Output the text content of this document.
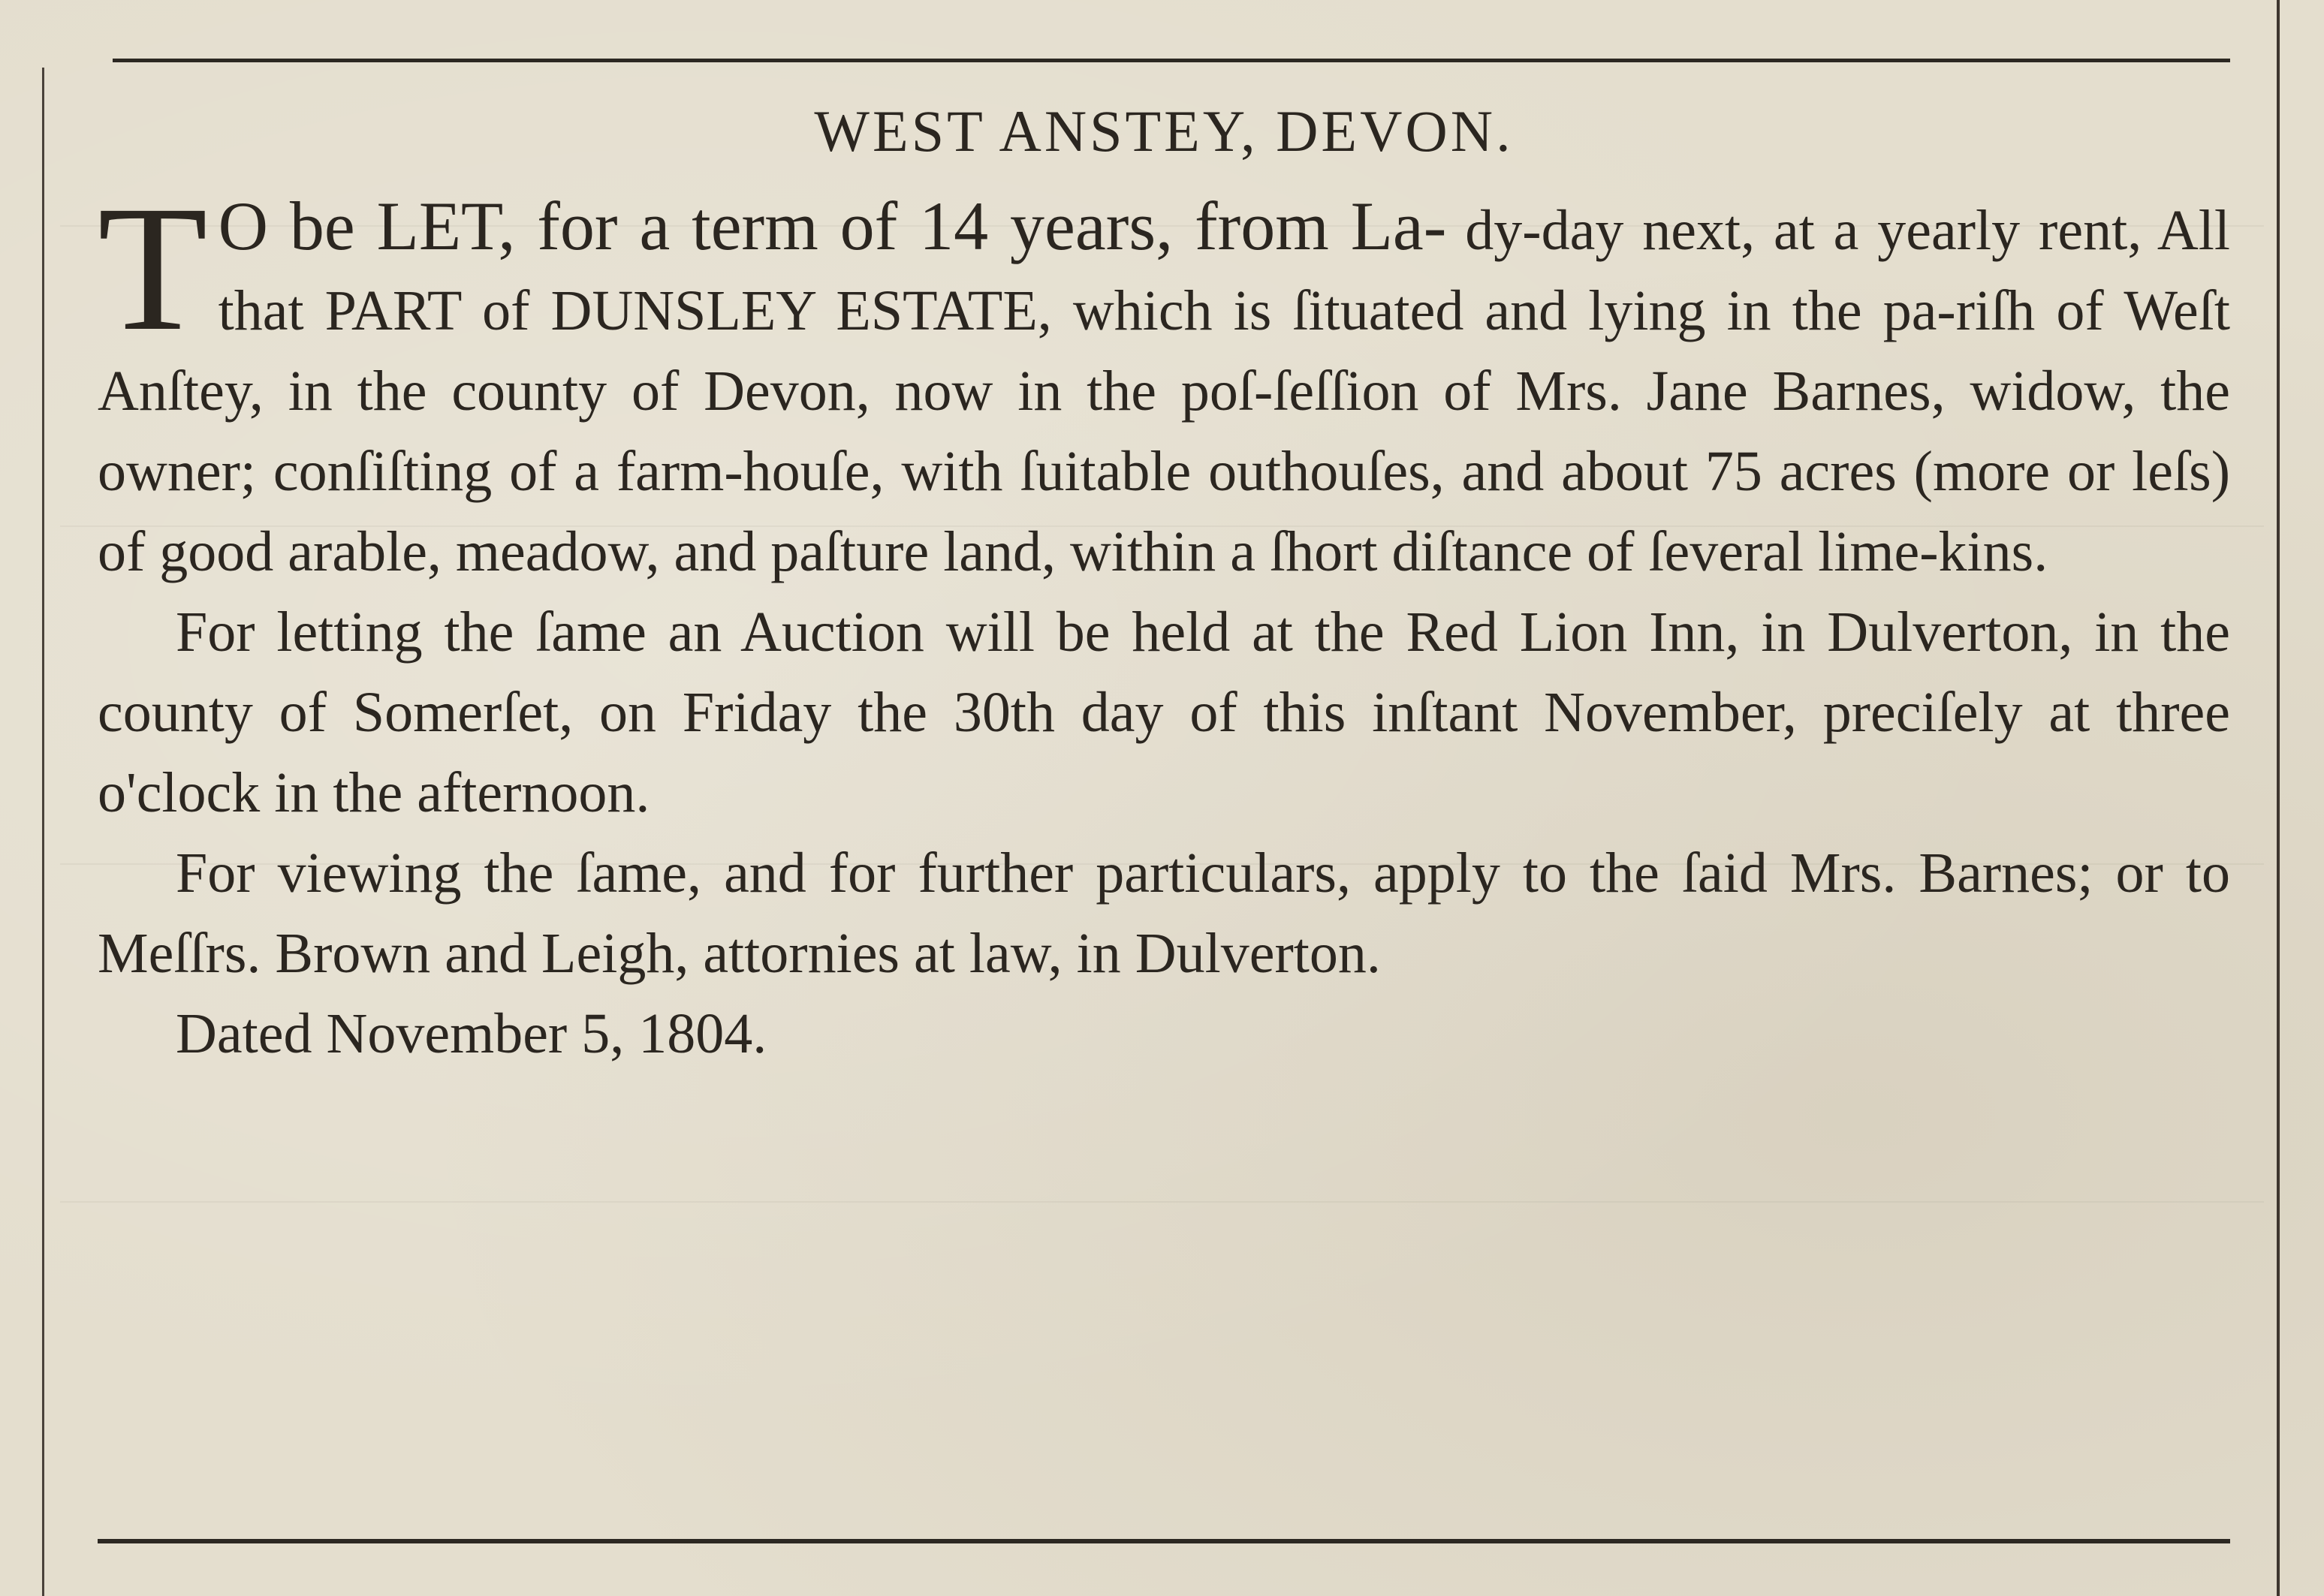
WEST ANSTEY, DEVON.

T O be LET, for a term of 14 years, from La- dy-day next, at a yearly rent, All that PART of DUNSLEY ESTATE, which is ſituated and lying in the pa-riſh of Weſt Anſtey, in the county of Devon, now in the poſ-ſeſſion of Mrs. Jane Barnes, widow, the owner; conſiſting of a farm-houſe, with ſuitable outhouſes, and about 75 acres (more or leſs) of good arable, meadow, and paſture land, within a ſhort diſtance of ſeveral lime-kins.

For letting the ſame an Auction will be held at the Red Lion Inn, in Dulverton, in the county of Somerſet, on Friday the 30th day of this inſtant November, preciſely at three o'clock in the afternoon.

For viewing the ſame, and for further particulars, apply to the ſaid Mrs. Barnes; or to Meſſrs. Brown and Leigh, attornies at law, in Dulverton.

Dated November 5, 1804.
